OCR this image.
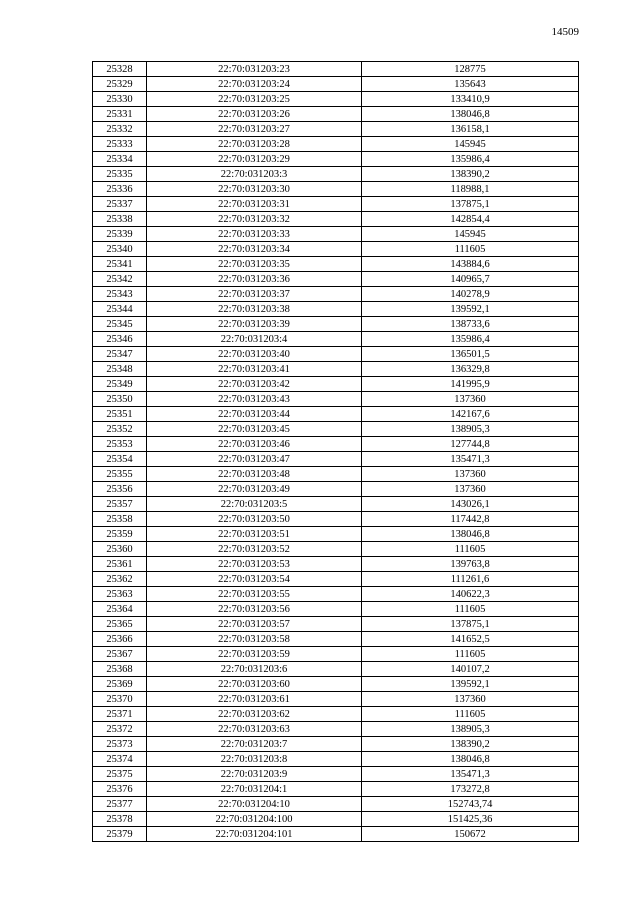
14509
25328	22:70:031203:23	128775
25329	22:70:031203:24	135643
25330	22:70:031203:25	133410,9
25331	22:70:031203:26	138046,8
25332	22:70:031203:27	136158,1
25333	22:70:031203:28	145945
25334	22:70:031203:29	135986,4
25335	22:70:031203:3	138390,2
25336	22:70:031203:30	118988,1
25337	22:70:031203:31	137875,1
25338	22:70:031203:32	142854,4
25339	22:70:031203:33	145945
25340	22:70:031203:34	111605
25341	22:70:031203:35	143884,6
25342	22:70:031203:36	140965,7
25343	22:70:031203:37	140278,9
25344	22:70:031203:38	139592,1
25345	22:70:031203:39	138733,6
25346	22:70:031203:4	135986,4
25347	22:70:031203:40	136501,5
25348	22:70:031203:41	136329,8
25349	22:70:031203:42	141995,9
25350	22:70:031203:43	137360
25351	22:70:031203:44	142167,6
25352	22:70:031203:45	138905,3
25353	22:70:031203:46	127744,8
25354	22:70:031203:47	135471,3
25355	22:70:031203:48	137360
25356	22:70:031203:49	137360
25357	22:70:031203:5	143026,1
25358	22:70:031203:50	117442,8
25359	22:70:031203:51	138046,8
25360	22:70:031203:52	111605
25361	22:70:031203:53	139763,8
25362	22:70:031203:54	111261,6
25363	22:70:031203:55	140622,3
25364	22:70:031203:56	111605
25365	22:70:031203:57	137875,1
25366	22:70:031203:58	141652,5
25367	22:70:031203:59	111605
25368	22:70:031203:6	140107,2
25369	22:70:031203:60	139592,1
25370	22:70:031203:61	137360
25371	22:70:031203:62	111605
25372	22:70:031203:63	138905,3
25373	22:70:031203:7	138390,2
25374	22:70:031203:8	138046,8
25375	22:70:031203:9	135471,3
25376	22:70:031204:1	173272,8
25377	22:70:031204:10	152743,74
25378	22:70:031204:100	151425,36
25379	22:70:031204:101	150672
